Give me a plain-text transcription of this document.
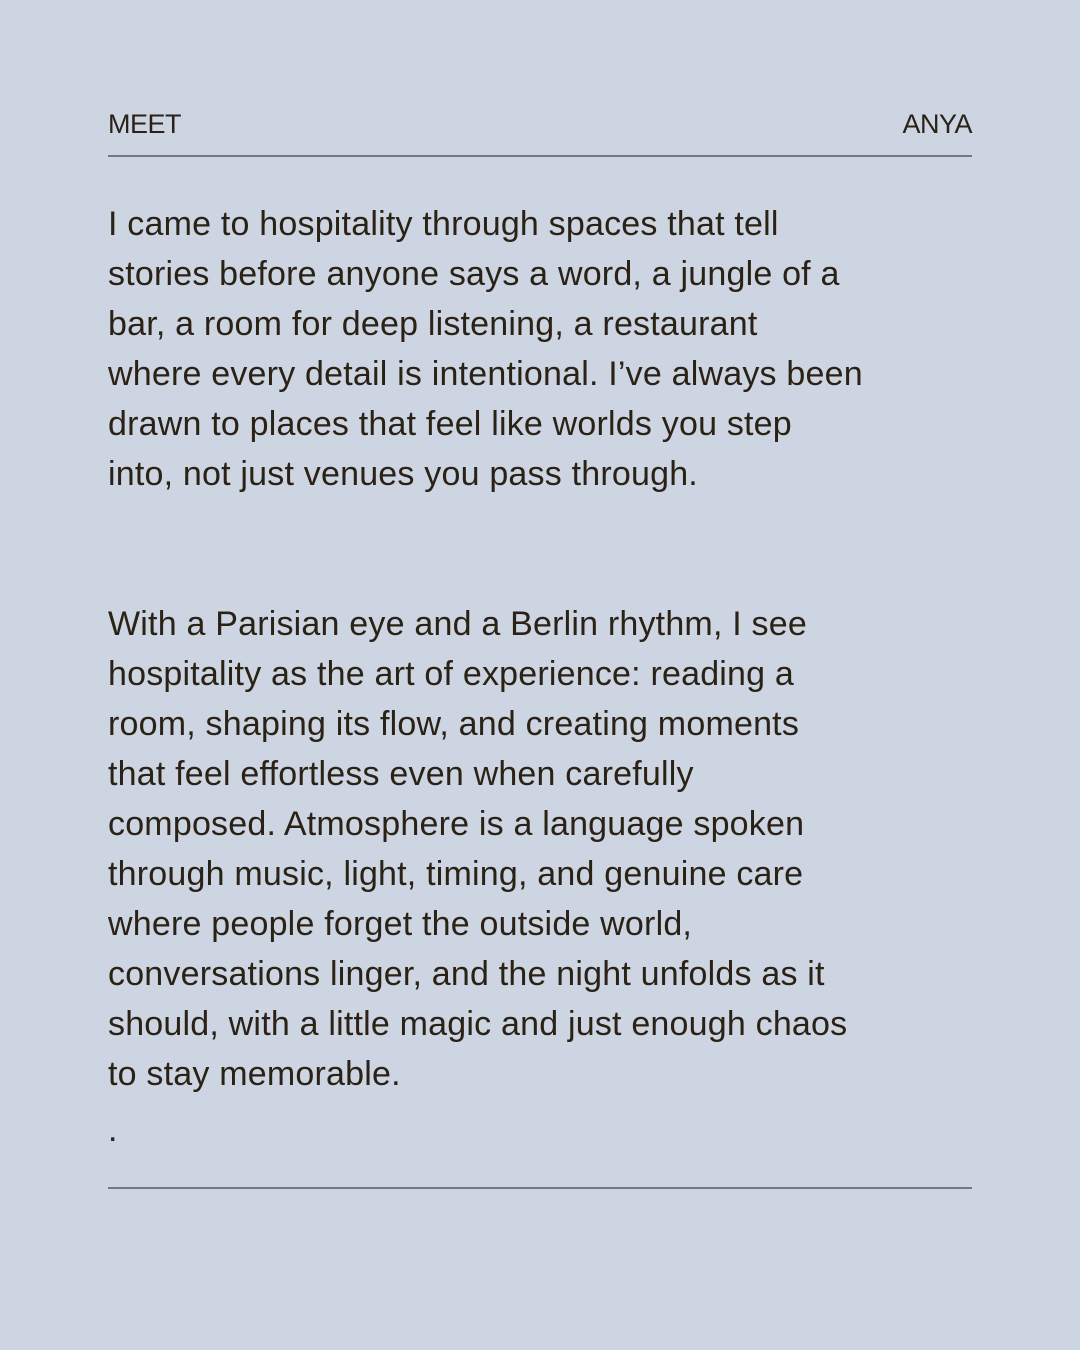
MEET	ANYA

I came to hospitality through spaces that tell
stories before anyone says a word, a jungle of a
bar, a room for deep listening, a restaurant
where every detail is intentional. I’ve always been
drawn to places that feel like worlds you step
into, not just venues you pass through.

With a Parisian eye and a Berlin rhythm, I see
hospitality as the art of experience: reading a
room, shaping its flow, and creating moments
that feel effortless even when carefully
composed. Atmosphere is a language spoken
through music, light, timing, and genuine care
where people forget the outside world,
conversations linger, and the night unfolds as it
should, with a little magic and just enough chaos
to stay memorable.

.
